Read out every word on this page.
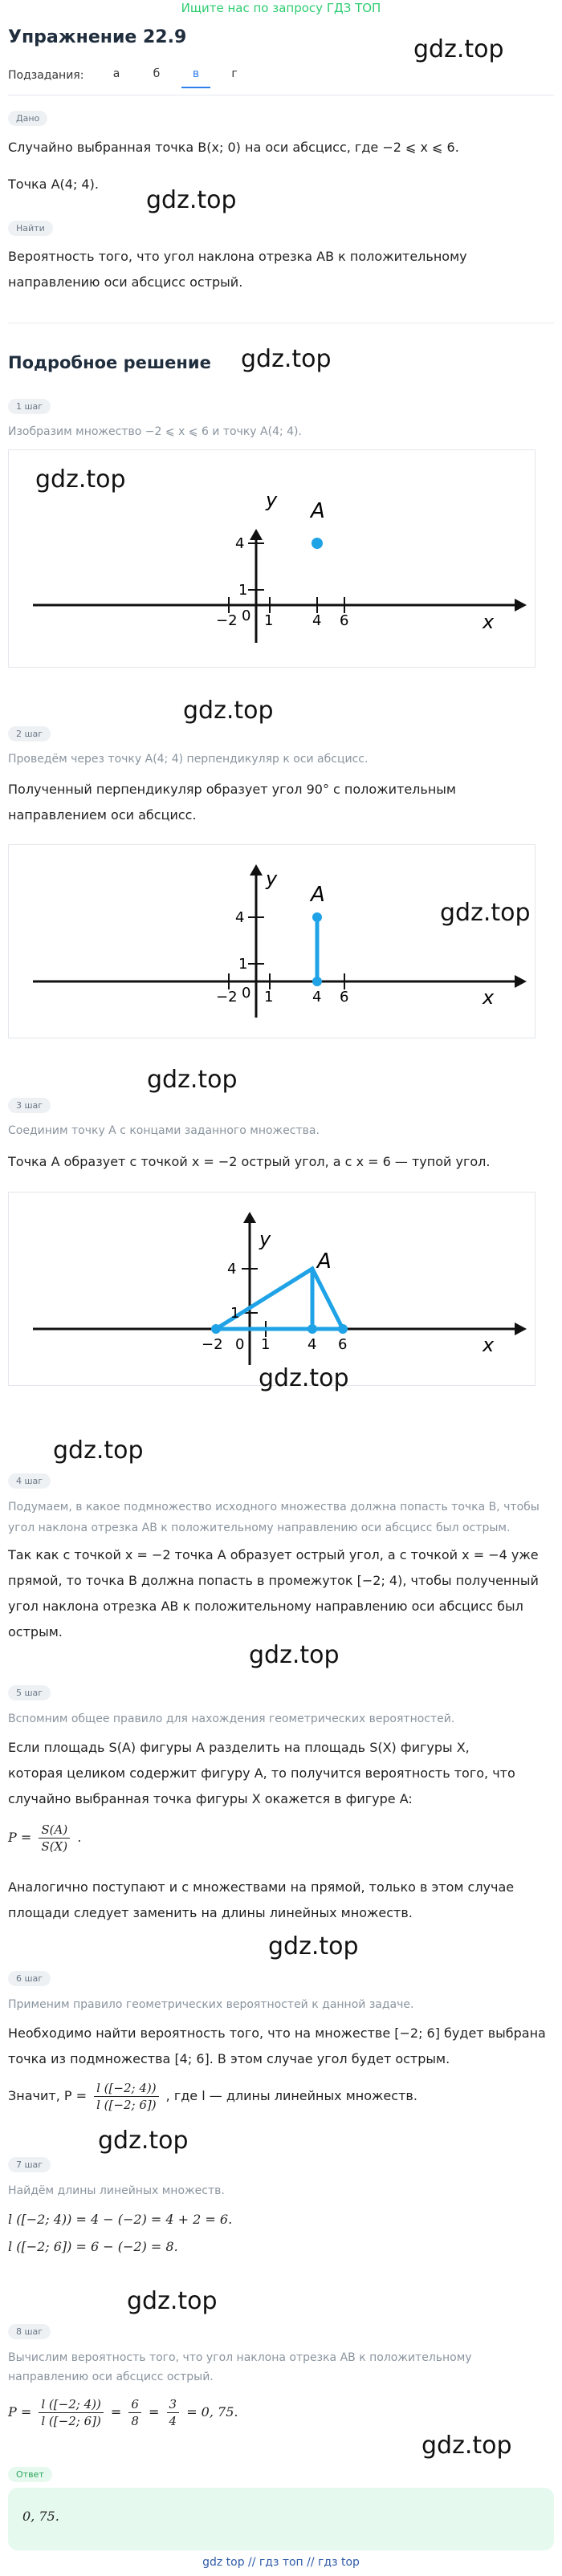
Ищите нас по запросу ГДЗ ТОП
Упражнение 22.9	gdz.top
Подзадания:	а	б	в	г
Дано
Случайно выбранная точка B(x; 0) на оси абсцисс, где −2 ⩽ x ⩽ 6.
Точка A(4; 4).
gdz.top
Найти
Вероятность того, что угол наклона отрезка AB к положительному
направлению оси абсцисс острый.
Подробное решение gdz.top
1 шаг
Изобразим множество −2 ⩽ x ⩽ 6 и точку A(4; 4).
−2 0 1	4 6
4
1
y
x
A
gdz.top
gdz.top
2 шаг
Проведём через точку A(4; 4) перпендикуляр к оси абсцисс.
Полученный перпендикуляр образует угол 90° с положительным
направлением оси абсцисс.
−2 0 1	4 6
4
1
y
x
A
gdz.top
gdz.top
3 шаг
Соединим точку A с концами заданного множества.
Точка A образует с точкой x = −2 острый угол, а с x = 6 — тупой угол.
−2 0 1	4 6
4
1
y
x
A
gdz.top
gdz.top
4 шаг
Подумаем, в какое подмножество исходного множества должна попасть точка B, чтобы
угол наклона отрезка AB к положительному направлению оси абсцисс был острым.
Так как с точкой x = −2 точка A образует острый угол, а с точкой x = −4 уже
прямой, то точка B должна попасть в промежуток [−2; 4), чтобы полученный
угол наклона отрезка AB к положительному направлению оси абсцисс был
острым.
gdz.top
5 шаг
Вспомним общее правило для нахождения геометрических вероятностей.
Если площадь S(A) фигуры A разделить на площадь S(X) фигуры X,
которая целиком содержит фигуру A, то получится вероятность того, что
случайно выбранная точка фигуры X окажется в фигуре A:
$P = \frac{S(A)}{S(X)}$ .
Аналогично поступают и с множествами на прямой, только в этом случае
площади следует заменить на длины линейных множеств.
gdz.top
6 шаг
Применим правило геометрических вероятностей к данной задаче.
Необходимо найти вероятность того, что на множестве [−2; 6] будет выбрана
точка из подмножества [4; 6]. В этом случае угол будет острым.
Значит, $P = \frac{l ([-2; 4))}{l ([-2; 6])}$ , где l — длины линейных множеств.
gdz.top
7 шаг
Найдём длины линейных множеств.
l ([−2; 4)) = 4 − (−2) = 4 + 2 = 6.
l ([−2; 6]) = 6 − (−2) = 8.
gdz.top
8 шаг
Вычислим вероятность того, что угол наклона отрезка AB к положительному
направлению оси абсцисс острый.
$P = \frac{l ([-2; 4))}{l ([-2; 6])} = \frac{6}{8} = \frac{3}{4} = 0$, 75.
gdz.top
Ответ
0, 75.
gdz top // гдз топ // гдз top
